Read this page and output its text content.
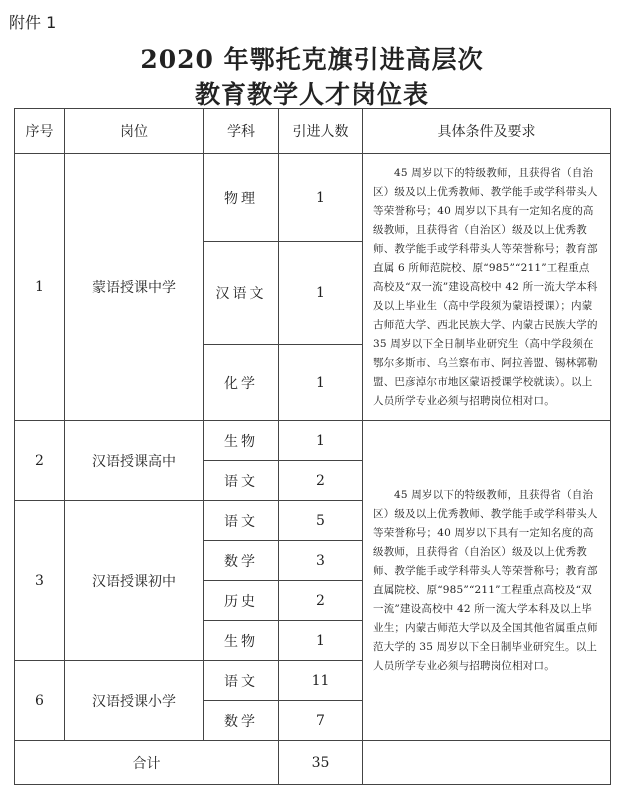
附件 1
2020 年鄂托克旗引进高层次
教育教学人才岗位表
序号	岗位	学科	引进人数	具体条件及要求
1	蒙语授课中学	物理	1	45 周岁以下的特级教师，且获得省（自治区）级及以上优秀教师、教学能手或学科带头人等荣誉称号；40 周岁以下具有一定知名度的高级教师，且获得省（自治区）级及以上优秀教师、教学能手或学科带头人等荣誉称号；教育部直属 6 所师范院校、原“985”“211”工程重点高校及“双一流”建设高校中 42 所一流大学本科及以上毕业生（高中学段须为蒙语授课）；内蒙古师范大学、西北民族大学、内蒙古民族大学的 35 周岁以下全日制毕业研究生（高中学段须在鄂尔多斯市、乌兰察布市、阿拉善盟、锡林郭勒盟、巴彦淖尔市地区蒙语授课学校就读）。以上人员所学专业必须与招聘岗位相对口。
		汉语文	1	
		化学	1	
2	汉语授课高中	生物	1	45 周岁以下的特级教师，且获得省（自治区）级及以上优秀教师、教学能手或学科带头人等荣誉称号；40 周岁以下具有一定知名度的高级教师，且获得省（自治区）级及以上优秀教师、教学能手或学科带头人等荣誉称号；教育部直属院校、原“985”“211”工程重点高校及“双一流”建设高校中 42 所一流大学本科及以上毕业生；内蒙古师范大学以及全国其他省属重点师范大学的 35 周岁以下全日制毕业研究生。以上人员所学专业必须与招聘岗位相对口。
		语文	2	
3	汉语授课初中	语文	5	
		数学	3	
		历史	2	
		生物	1	
6	汉语授课小学	语文	11	
		数学	7	
合计			35	
